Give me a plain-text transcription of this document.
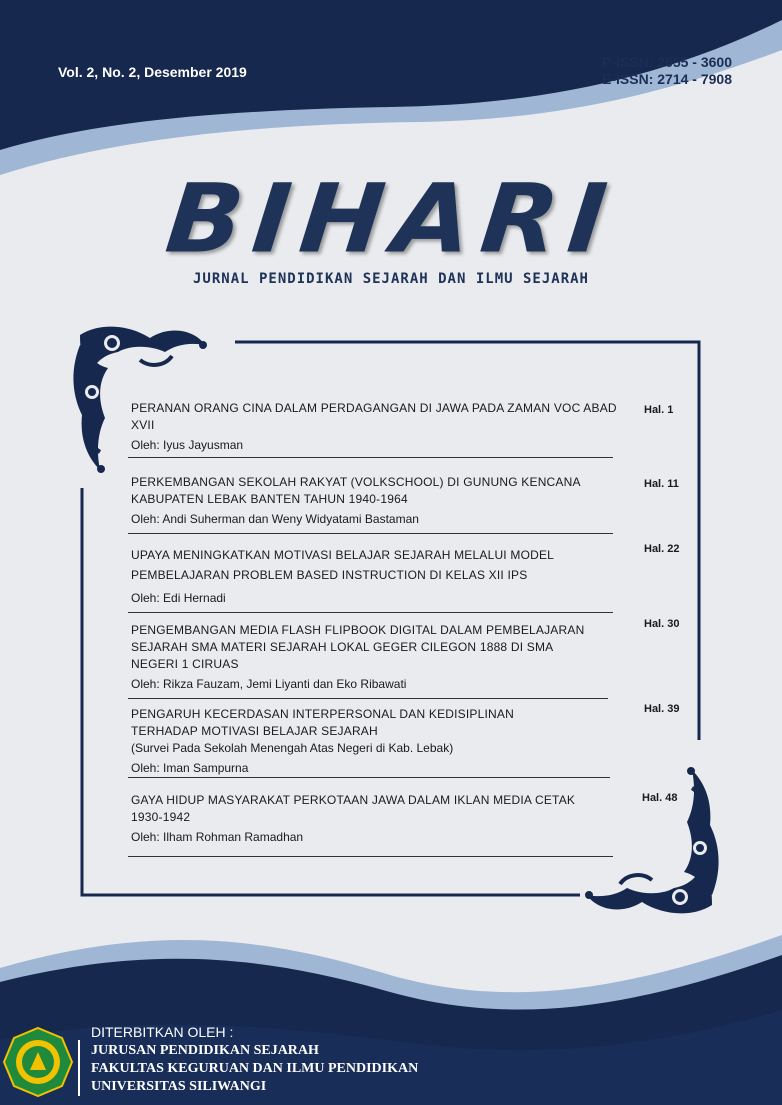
Vol. 2, No. 2, Desember 2019
P-ISSN: 2655 - 3600
E-ISSN: 2714 - 7908
BIHARI
JURNAL PENDIDIKAN SEJARAH DAN ILMU SEJARAH
PERANAN ORANG CINA DALAM PERDAGANGAN DI JAWA PADA ZAMAN VOC ABAD XVII
Oleh: Iyus Jayusman
Hal. 1
PERKEMBANGAN SEKOLAH RAKYAT (VOLKSCHOOL) DI GUNUNG KENCANA KABUPATEN LEBAK BANTEN TAHUN 1940-1964
Oleh: Andi Suherman dan Weny Widyatami Bastaman
Hal. 11
UPAYA MENINGKATKAN MOTIVASI BELAJAR SEJARAH MELALUI MODEL PEMBELAJARAN PROBLEM BASED INSTRUCTION DI KELAS XII IPS
Oleh: Edi Hernadi
Hal. 22
PENGEMBANGAN MEDIA FLASH FLIPBOOK DIGITAL DALAM PEMBELAJARAN SEJARAH SMA MATERI SEJARAH LOKAL GEGER CILEGON 1888 DI SMA NEGERI 1 CIRUAS
Oleh: Rikza Fauzam, Jemi Liyanti dan Eko Ribawati
Hal. 30
PENGARUH KECERDASAN INTERPERSONAL DAN KEDISIPLINAN TERHADAP MOTIVASI BELAJAR SEJARAH
(Survei Pada Sekolah Menengah Atas Negeri di Kab. Lebak)
Oleh: Iman Sampurna
Hal. 39
GAYA HIDUP MASYARAKAT PERKOTAAN JAWA DALAM IKLAN MEDIA CETAK 1930-1942
Oleh: Ilham Rohman Ramadhan
Hal. 48
DITERBITKAN OLEH :
JURUSAN PENDIDIKAN SEJARAH
FAKULTAS KEGURUAN DAN ILMU PENDIDIKAN
UNIVERSITAS SILIWANGI
